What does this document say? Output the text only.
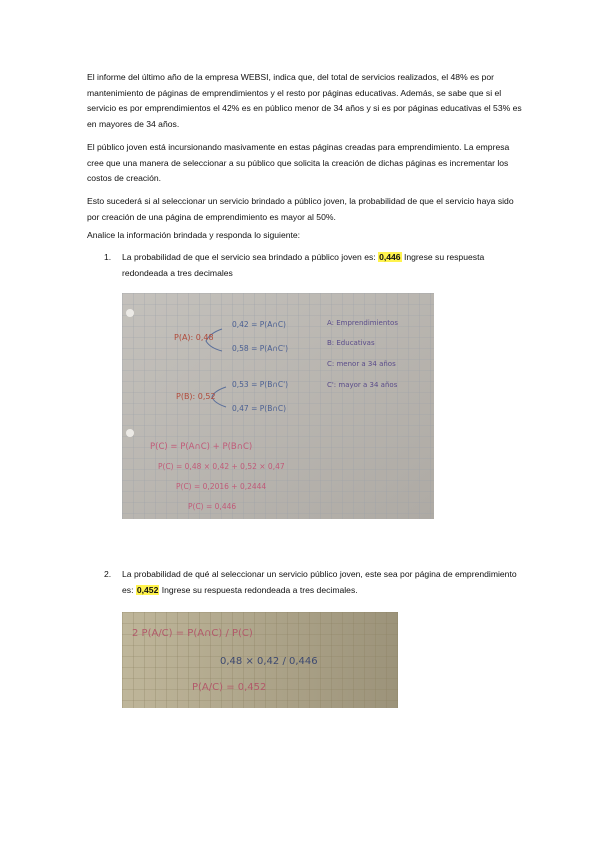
El informe del último año de la empresa WEBSI, indica que, del total de servicios realizados, el 48% es por mantenimiento de páginas de emprendimientos y el resto por páginas educativas. Además, se sabe que si el servicio es por emprendimientos el 42% es en público menor de 34 años y si es por páginas educativas el 53% es en mayores de 34 años.

El público joven está incursionando masivamente en estas páginas creadas para emprendimiento. La empresa cree que una manera de seleccionar a su público que solicita la creación de dichas páginas es incrementar los costos de creación.

Esto sucederá si al seleccionar un servicio brindado a público joven, la probabilidad de que el servicio haya sido por creación de una página de emprendimiento es mayor al 50%.

Analice la información brindada y responda lo siguiente:

1. La probabilidad de que el servicio sea brindado a público joven es: 0,446 Ingrese su respuesta redondeada a tres decimales
P(A): 0,48
0,42 = P(A∩C)
0,58 = P(A∩C')
P(B): 0,52
0,53 = P(B∩C')
0,47 = P(B∩C)
A: Emprendimientos
B: Educativas
C: menor a 34 años
C': mayor a 34 años
P(C) = P(A∩C) + P(B∩C)
P(C) = 0,48 × 0,42 + 0,52 × 0,47
P(C) = 0,2016 + 0,2444
P(C) = 0,446
2. La probabilidad de qué al seleccionar un servicio público joven, este sea por página de emprendimiento es: 0,452 Ingrese su respuesta redondeada a tres decimales.
2 P(A/C) = P(A∩C) / P(C)
0,48 × 0,42 / 0,446
P(A/C) = 0,452
